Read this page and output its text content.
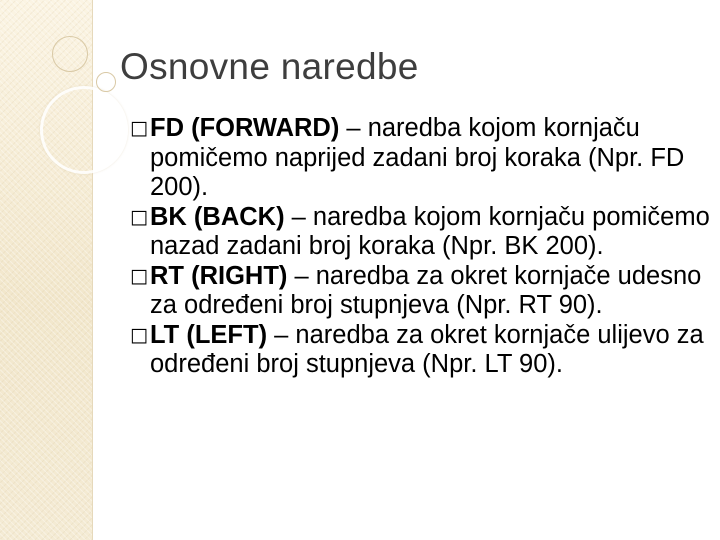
Osnovne naredbe

□FD (FORWARD) – naredba kojom kornjaču pomičemo naprijed zadani broj koraka (Npr. FD 200).

□BK (BACK) – naredba kojom kornjaču pomičemo nazad zadani broj koraka (Npr. BK 200).

□RT (RIGHT) – naredba za okret kornjače udesno za određeni broj stupnjeva (Npr. RT 90).

□LT (LEFT) – naredba za okret kornjače ulijevo za određeni broj stupnjeva (Npr. LT 90).
